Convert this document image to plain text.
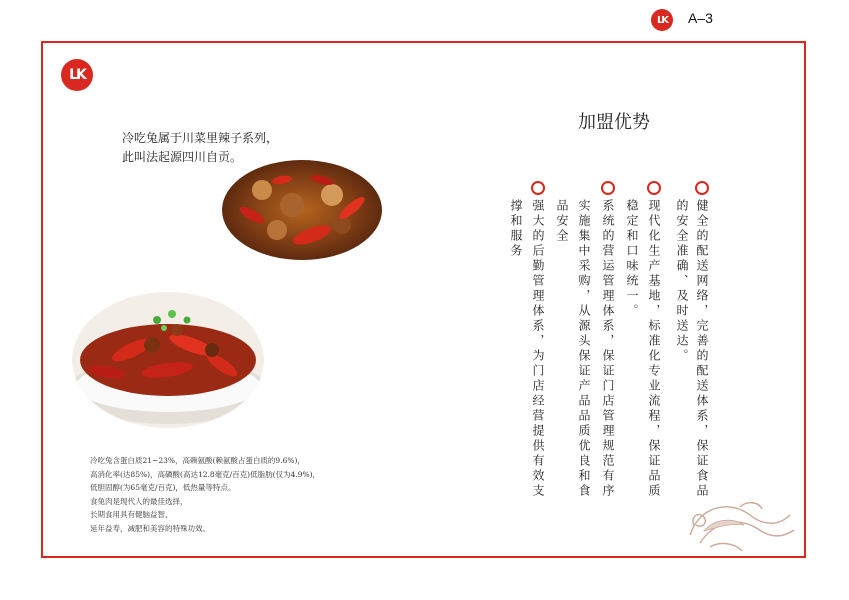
LK A–3
LK
冷吃兔属于川菜里辣子系列，
此叫法起源四川自贡。
加盟优势
健全的配送网络，完善的配送体系，保证食品
的安全准确、及时送达。
现代化生产基地，标准化专业流程，保证品质
稳定和口味统一。
系统的营运管理体系，保证门店管理规范有序
实施集中采购，从源头保证产品品质优良和食
品安全
强大的后勤管理体系，为门店经营提供有效支
撑和服务
冷吃兔含蛋白质21~23%，高赖氨酸(赖氨酸占蛋白质的9.6%)，
高消化率(达85%)，高磷酸(高达12.8毫克/百克)低脂肪(仅为4.9%)，
低胆固醇(为65毫克/百克)，低热量等特点。
食兔肉是现代人的最佳选择，
长期食用具有健脑益智，
延年益寿，减肥和美容的特殊功效。
